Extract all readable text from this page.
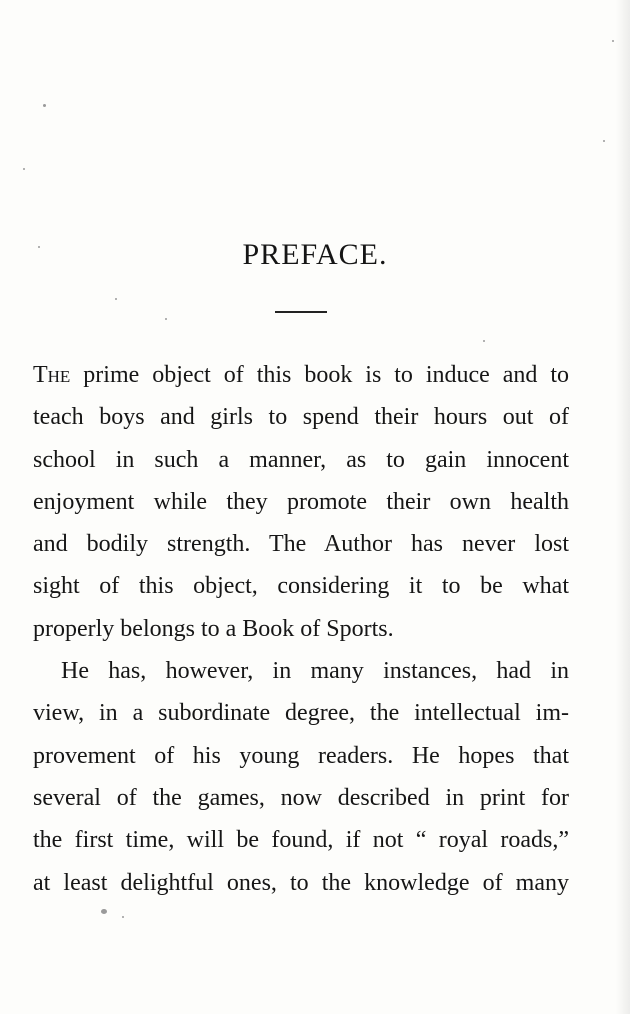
PREFACE.
The prime object of this book is to induce and to
teach boys and girls to spend their hours out of
school in such a manner, as to gain innocent
enjoyment while they promote their own health
and bodily strength. The Author has never lost
sight of this object, considering it to be what
properly belongs to a Book of Sports.
He has, however, in many instances, had in
view, in a subordinate degree, the intellectual im-
provement of his young readers. He hopes that
several of the games, now described in print for
the first time, will be found, if not “ royal roads,”
at least delightful ones, to the knowledge of many
